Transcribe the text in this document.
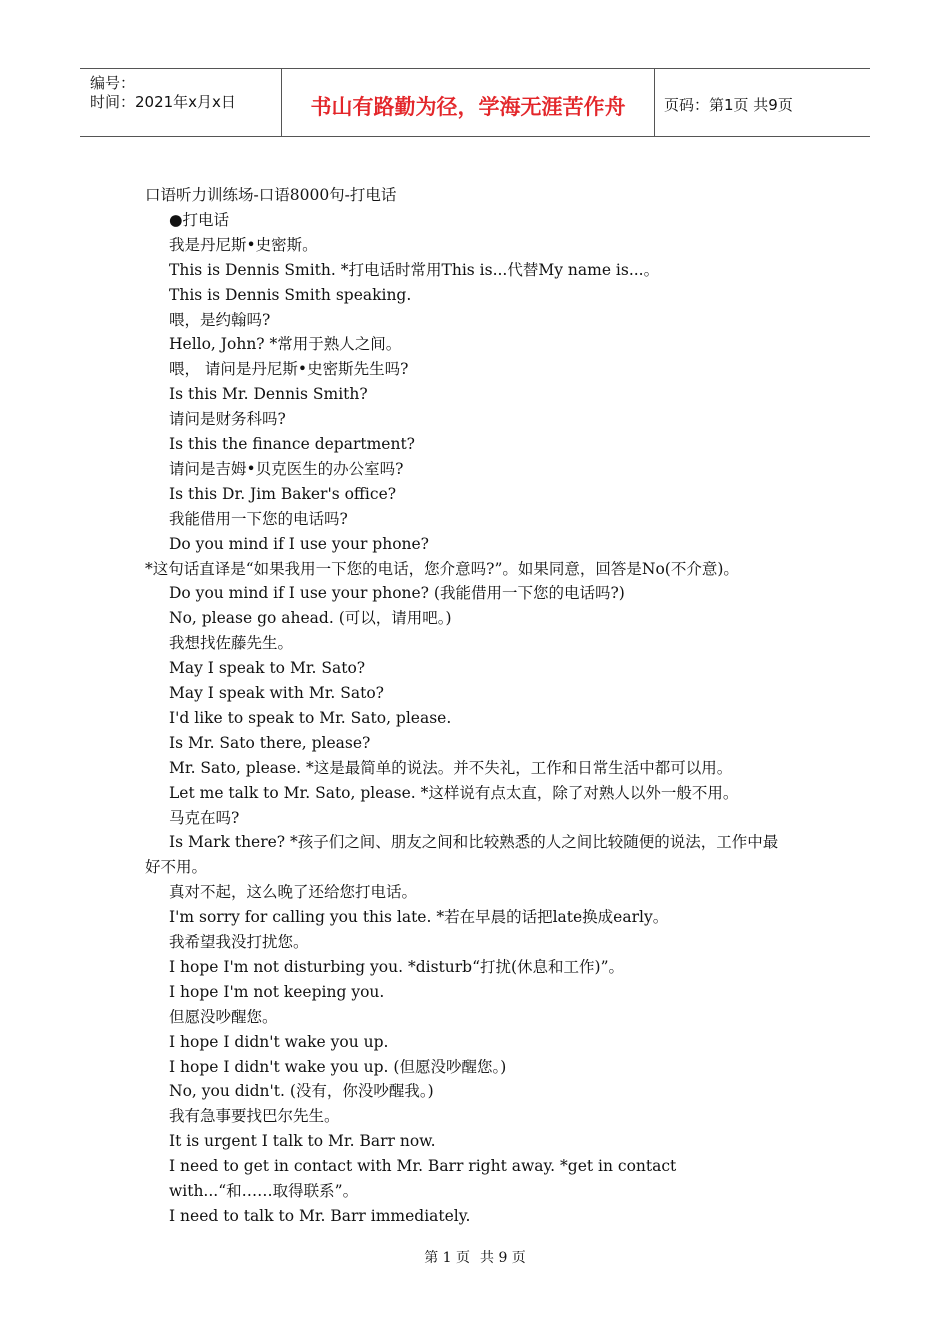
编号：
时间：2021年x月x日	书山有路勤为径，学海无涯苦作舟	页码：第1页 共9页
口语听力训练场-口语8000句-打电话
●打电话
我是丹尼斯•史密斯。
This is Dennis Smith. *打电话时常用This is...代替My name is...。
This is Dennis Smith speaking.
喂，是约翰吗?
Hello, John? *常用于熟人之间。
喂， 请问是丹尼斯•史密斯先生吗?
Is this Mr. Dennis Smith?
请问是财务科吗?
Is this the finance department?
请问是吉姆•贝克医生的办公室吗?
Is this Dr. Jim Baker's office?
我能借用一下您的电话吗?
Do you mind if I use your phone?
*这句话直译是“如果我用一下您的电话，您介意吗?”。如果同意，回答是No(不介意)。
Do you mind if I use your phone? (我能借用一下您的电话吗?)
No, please go ahead. (可以，请用吧。)
我想找佐藤先生。
May I speak to Mr. Sato?
May I speak with Mr. Sato?
I'd like to speak to Mr. Sato, please.
Is Mr. Sato there, please?
Mr. Sato, please. *这是最简单的说法。并不失礼，工作和日常生活中都可以用。
Let me talk to Mr. Sato, please. *这样说有点太直，除了对熟人以外一般不用。
马克在吗?
Is Mark there? *孩子们之间、朋友之间和比较熟悉的人之间比较随便的说法，工作中最
好不用。
真对不起，这么晚了还给您打电话。
I'm sorry for calling you this late. *若在早晨的话把late换成early。
我希望我没打扰您。
I hope I'm not disturbing you. *disturb“打扰(休息和工作)”。
I hope I'm not keeping you.
但愿没吵醒您。
I hope I didn't wake you up.
I hope I didn't wake you up. (但愿没吵醒您。)
No, you didn't. (没有，你没吵醒我。)
我有急事要找巴尔先生。
It is urgent I talk to Mr. Barr now.
I need to get in contact with Mr. Barr right away. *get in contact
with...“和……取得联系”。
I need to talk to Mr. Barr immediately.
第 1 页 共 9 页
